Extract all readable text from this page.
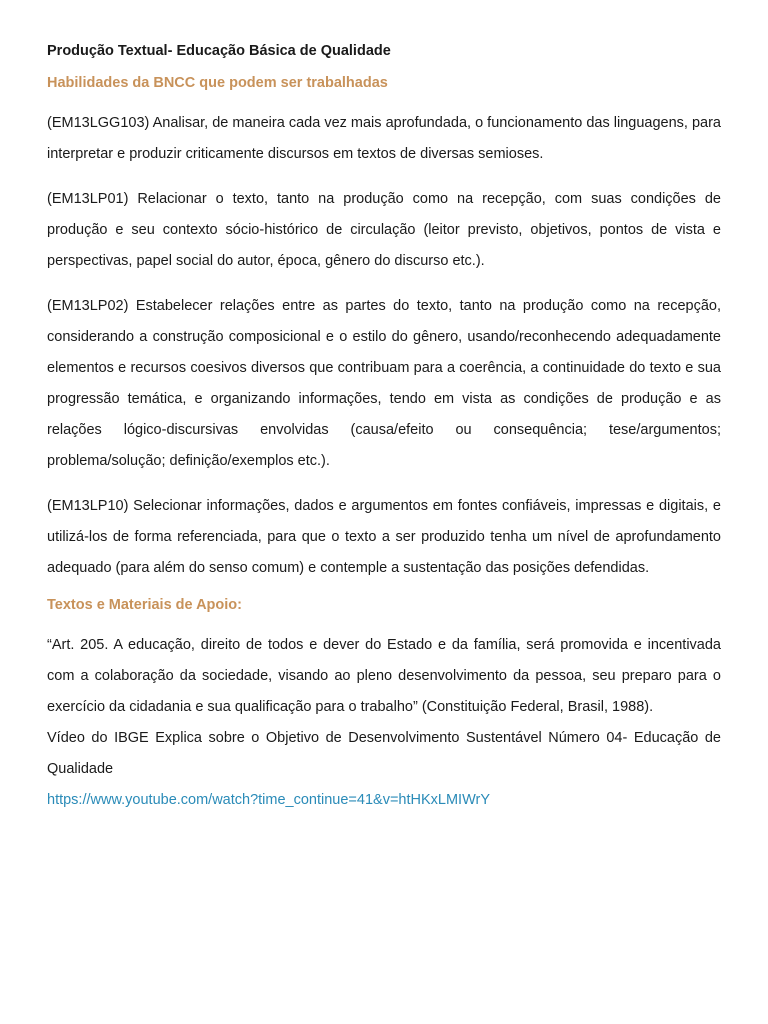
Produção Textual- Educação Básica de Qualidade
Habilidades da BNCC que podem ser trabalhadas

(EM13LGG103) Analisar, de maneira cada vez mais aprofundada, o funcionamento das linguagens, para interpretar e produzir criticamente discursos em textos de diversas semioses.

(EM13LP01) Relacionar o texto, tanto na produção como na recepção, com suas condições de produção e seu contexto sócio-histórico de circulação (leitor previsto, objetivos, pontos de vista e perspectivas, papel social do autor, época, gênero do discurso etc.).

(EM13LP02) Estabelecer relações entre as partes do texto, tanto na produção como na recepção, considerando a construção composicional e o estilo do gênero, usando/reconhecendo adequadamente elementos e recursos coesivos diversos que contribuam para a coerência, a continuidade do texto e sua progressão temática, e organizando informações, tendo em vista as condições de produção e as relações lógico-discursivas envolvidas (causa/efeito ou consequência; tese/argumentos; problema/solução; definição/exemplos etc.).

(EM13LP10) Selecionar informações, dados e argumentos em fontes confiáveis, impressas e digitais, e utilizá-los de forma referenciada, para que o texto a ser produzido tenha um nível de aprofundamento adequado (para além do senso comum) e contemple a sustentação das posições defendidas.

Textos e Materiais de Apoio:

“Art. 205. A educação, direito de todos e dever do Estado e da família, será promovida e incentivada com a colaboração da sociedade, visando ao pleno desenvolvimento da pessoa, seu preparo para o exercício da cidadania e sua qualificação para o trabalho” (Constituição Federal, Brasil, 1988).

Vídeo do IBGE Explica sobre o Objetivo de Desenvolvimento Sustentável Número 04- Educação de Qualidade

https://www.youtube.com/watch?time_continue=41&v=htHKxLMIWrY
